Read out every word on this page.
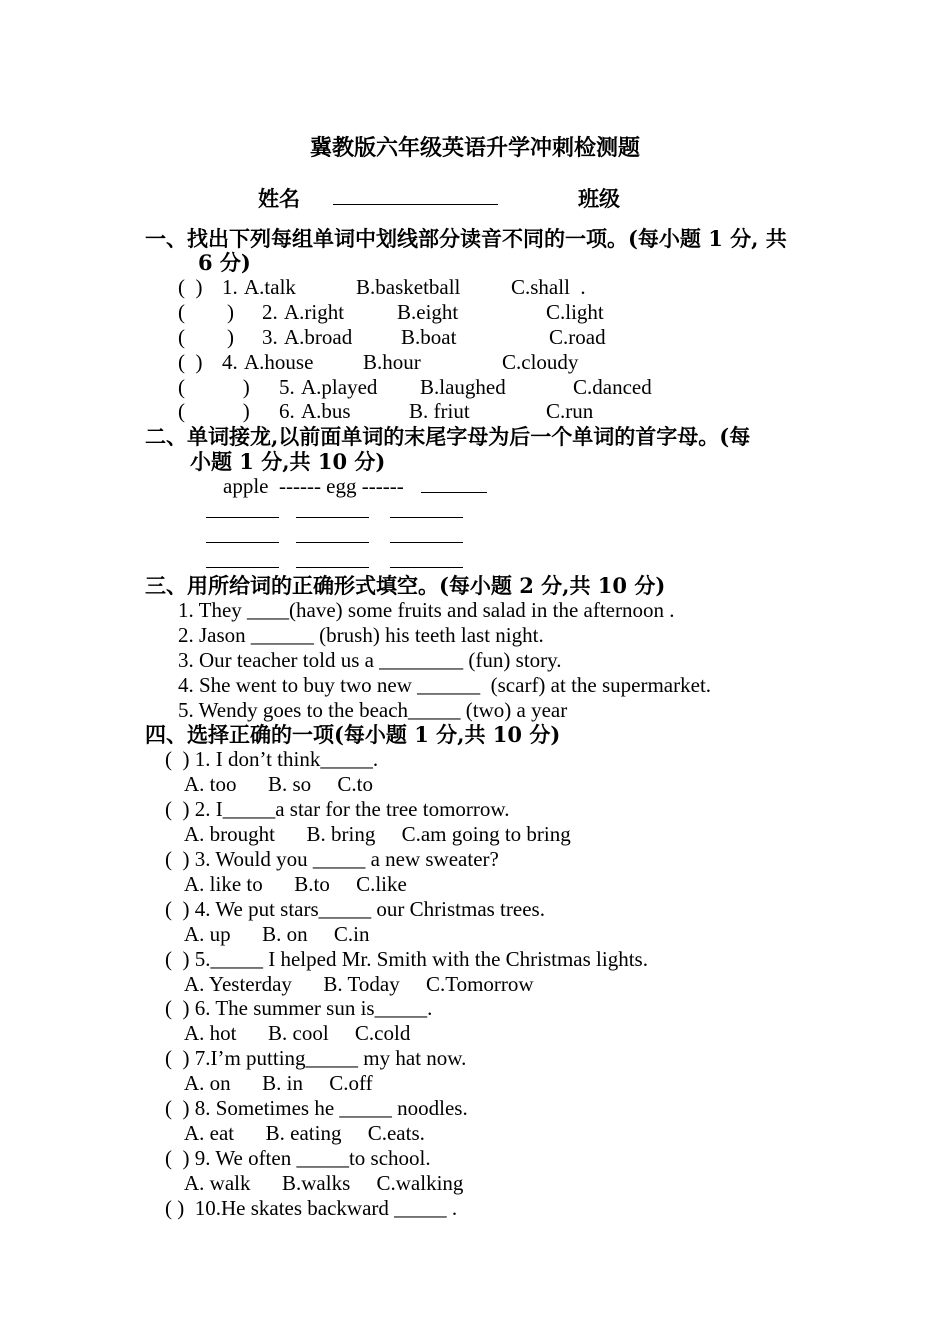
冀教版六年级英语升学冲刺检测题
姓名	班级
一、找出下列每组单词中划线部分读音不同的一项。(每小题 1 分, 共
6 分)
(  ) 1. A.talk	B.basketball C.shall  .
(        ) 2. A.right	B.eight	C.light
(        ) 3. A.broad B.boat	C.road
(  ) 4. A.house B.hour	C.cloudy
(           ) 5. A.played B.laughed	C.danced
(           ) 6. A.bus	B. friut	C.run
二、单词接龙,以前面单词的末尾字母为后一个单词的首字母。(每
小题 1 分,共 10 分)
apple  ------ egg ------
三、用所给词的正确形式填空。(每小题 2 分,共 10 分)
1. They ____(have) some fruits and salad in the afternoon .
2. Jason ______ (brush) his teeth last night.
3. Our teacher told us a ________ (fun) story.
4. She went to buy two new ______  (scarf) at the supermarket.
5. Wendy goes to the beach_____ (two) a year
四、选择正确的一项(每小题 1 分,共 10 分)
(  ) 1. I don’t think_____.
A. too      B. so     C.to
(  ) 2. I_____a star for the tree tomorrow.
A. brought      B. bring     C.am going to bring
(  ) 3. Would you _____ a new sweater?
A. like to      B.to     C.like
(  ) 4. We put stars_____ our Christmas trees.
A. up      B. on     C.in
(  ) 5._____ I helped Mr. Smith with the Christmas lights.
A. Yesterday      B. Today     C.Tomorrow
(  ) 6. The summer sun is_____.
A. hot      B. cool     C.cold
(  ) 7.I’m putting_____ my hat now.
A. on      B. in     C.off
(  ) 8. Sometimes he _____ noodles.
A. eat      B. eating     C.eats.
(  ) 9. We often _____to school.
A. walk      B.walks     C.walking
( )  10.He skates backward _____ .
